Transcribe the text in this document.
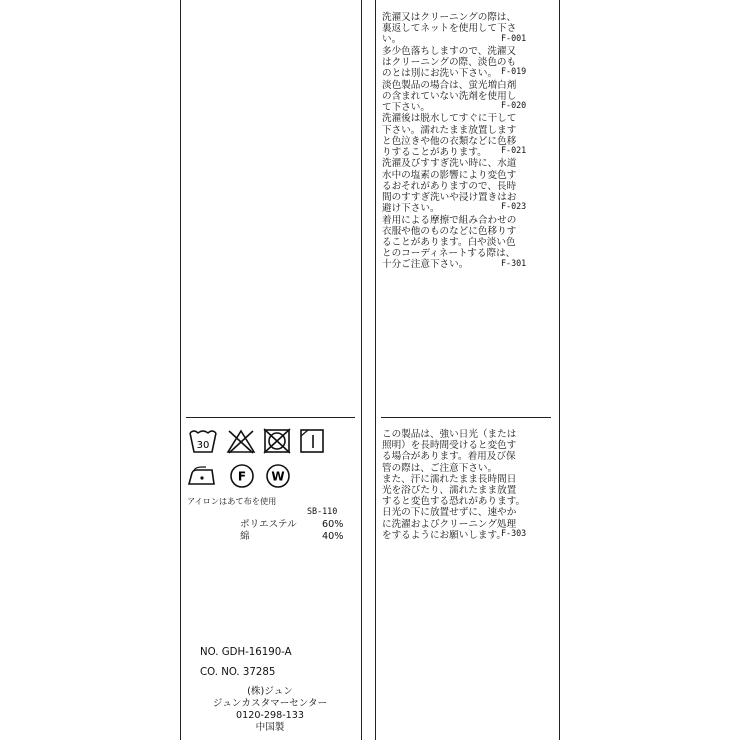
30
F W
アイロンはあて布を使用
SB-110
ポリエステル	60%
綿	40%
NO. GDH-16190-A
CO. NO. 37285
(株)ジュン
ジュンカスタマーセンター
0120-298-133
中国製
洗濯又はクリーニングの際は、
裏返してネットを使用して下さ
い。	F-001
多少色落ちしますので、洗濯又
はクリーニングの際、淡色のも
のとは別にお洗い下さい。 F-019
淡色製品の場合は、蛍光増白剤
の含まれていない洗剤を使用し
て下さい。	F-020
洗濯後は脱水してすぐに干して
下さい。濡れたまま放置します
と色泣きや他の衣類などに色移
りすることがあります。 F-021
洗濯及びすすぎ洗い時に、水道
水中の塩素の影響により変色す
るおそれがありますので、長時
間のすすぎ洗いや浸け置きはお
避け下さい。	F-023
着用による摩擦で組み合わせの
衣服や他のものなどに色移りす
ることがあります。白や淡い色
とのコーディネートする際は、
十分ご注意下さい。	F-301
この製品は、強い日光（または
照明）を長時間受けると変色す
る場合があります。着用及び保
管の際は、ご注意下さい。
また、汗に濡れたまま長時間日
光を浴びたり、濡れたまま放置
すると変色する恐れがあります。
日光の下に放置せずに、速やか
に洗濯およびクリーニング処理
をするようにお願いします。
F-303
